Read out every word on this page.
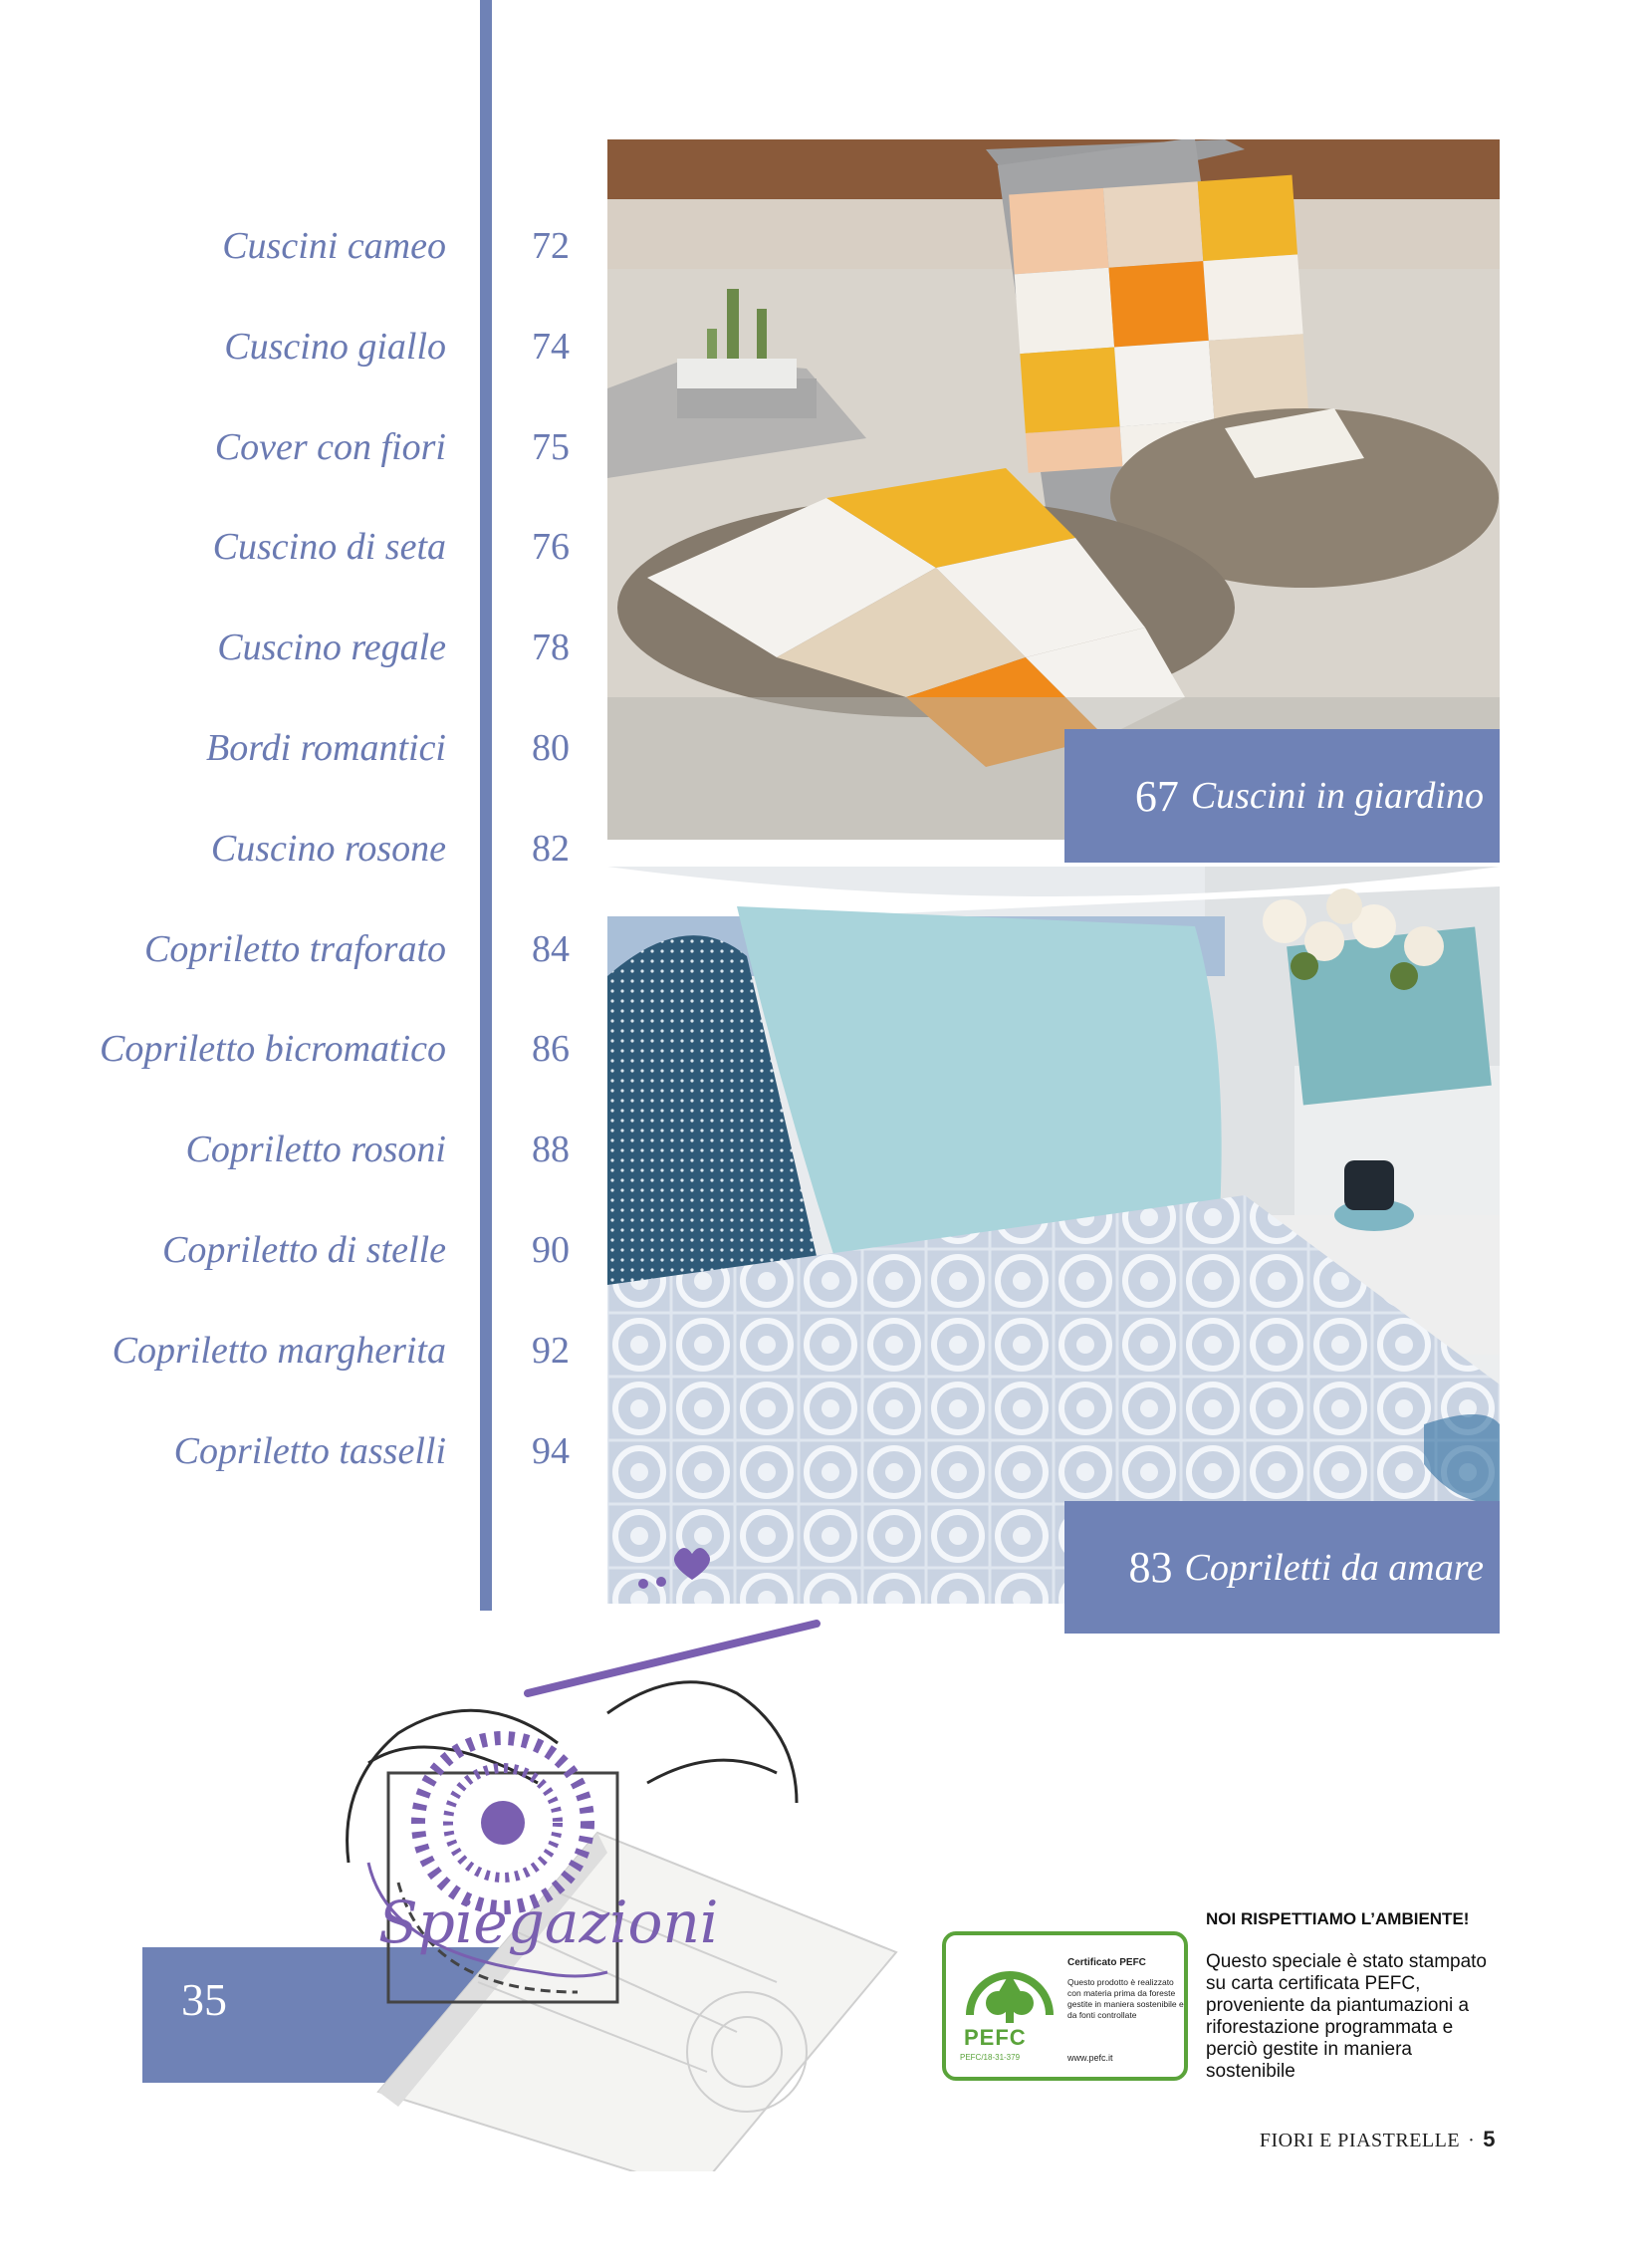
Cuscini cameo 72
Cuscino giallo 74
Cover con fiori 75
Cuscino di seta 76
Cuscino regale 78
Bordi romantici 80
Cuscino rosone 82
Copriletto traforato 84
Copriletto bicromatico 86
Copriletto rosoni 88
Copriletto di stelle 90
Copriletto margherita 92
Copriletto tasselli 94
67 Cuscini in giardino
83 Copriletti da amare
35
Spiegazioni
PEFC
PEFC/18-31-379
Certificato PEFC
Questo prodotto è realizzato con materia prima da foreste gestite in maniera sostenibile e da fonti controllate
www.pefc.it
NOI RISPETTIAMO L’AMBIENTE!
Questo speciale è stato stampato su carta certificata PEFC, proveniente da piantumazioni a riforestazione programmata e perciò gestite in maniera sostenibile
FIORI E PIASTRELLE · 5
